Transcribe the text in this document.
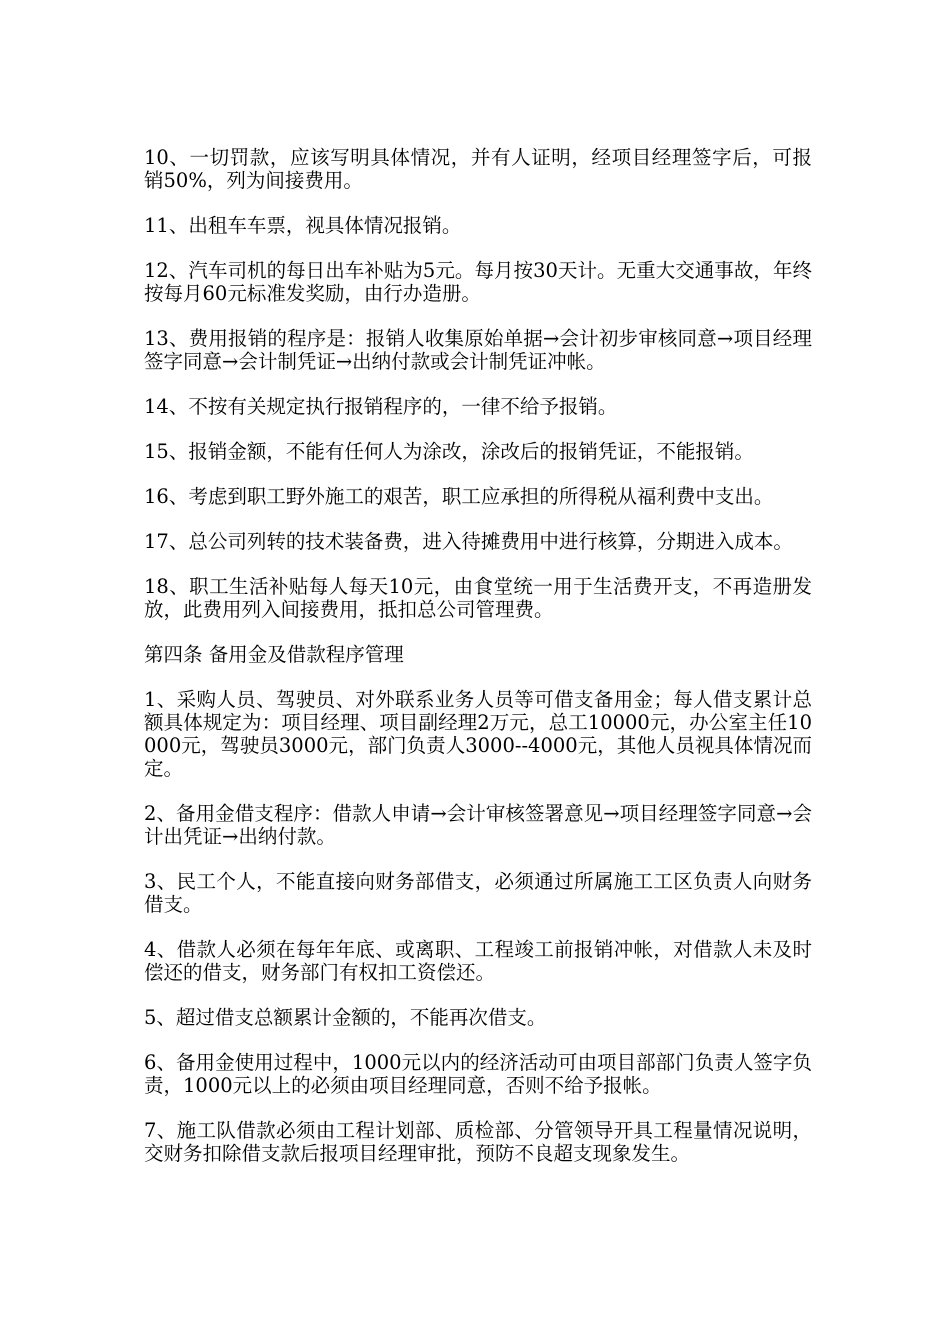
10、一切罚款，应该写明具体情况，并有人证明，经项目经理签字后，可报销50%，列为间接费用。

11、出租车车票，视具体情况报销。

12、汽车司机的每日出车补贴为5元。每月按30天计。无重大交通事故，年终按每月60元标准发奖励，由行办造册。

13、费用报销的程序是：报销人收集原始单据→会计初步审核同意→项目经理签字同意→会计制凭证→出纳付款或会计制凭证冲帐。

14、不按有关规定执行报销程序的，一律不给予报销。

15、报销金额，不能有任何人为涂改，涂改后的报销凭证，不能报销。

16、考虑到职工野外施工的艰苦，职工应承担的所得税从福利费中支出。

17、总公司列转的技术装备费，进入待摊费用中进行核算，分期进入成本。

18、职工生活补贴每人每天10元，由食堂统一用于生活费开支，不再造册发放，此费用列入间接费用，抵扣总公司管理费。

第四条 备用金及借款程序管理

1、采购人员、驾驶员、对外联系业务人员等可借支备用金；每人借支累计总额具体规定为：项目经理、项目副经理2万元，总工10000元，办公室主任10000元，驾驶员3000元，部门负责人3000--4000元，其他人员视具体情况而定。

2、备用金借支程序：借款人申请→会计审核签署意见→项目经理签字同意→会计出凭证→出纳付款。

3、民工个人，不能直接向财务部借支，必须通过所属施工工区负责人向财务借支。

4、借款人必须在每年年底、或离职、工程竣工前报销冲帐，对借款人未及时偿还的借支，财务部门有权扣工资偿还。

5、超过借支总额累计金额的，不能再次借支。

6、备用金使用过程中，1000元以内的经济活动可由项目部部门负责人签字负责，1000元以上的必须由项目经理同意，否则不给予报帐。

7、施工队借款必须由工程计划部、质检部、分管领导开具工程量情况说明，交财务扣除借支款后报项目经理审批，预防不良超支现象发生。
